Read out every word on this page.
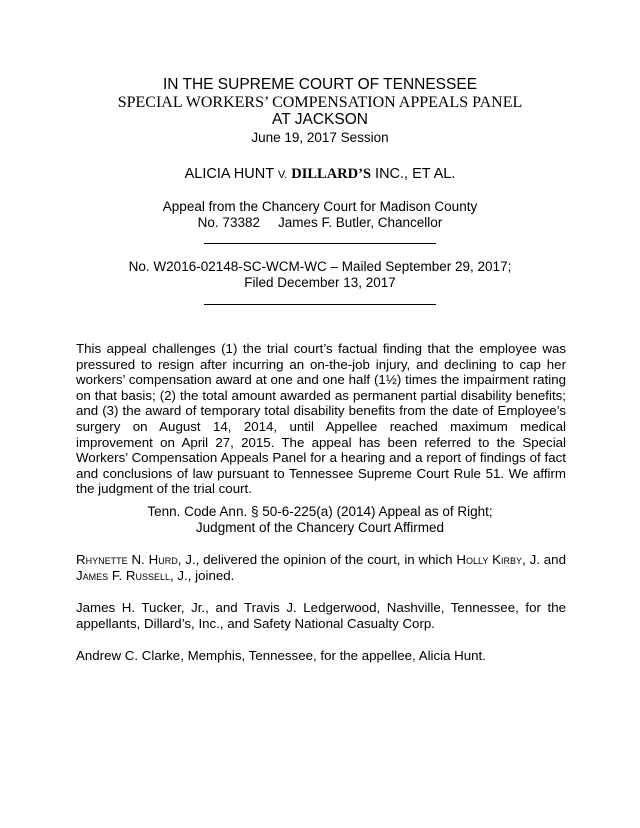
IN THE SUPREME COURT OF TENNESSEE
SPECIAL WORKERS’ COMPENSATION APPEALS PANEL
AT JACKSON
June 19, 2017 Session
ALICIA HUNT V. DILLARD’S INC., ET AL.
Appeal from the Chancery Court for Madison County
No. 73382 James F. Butler, Chancellor
No. W2016-02148-SC-WCM-WC – Mailed September 29, 2017;
Filed December 13, 2017
This appeal challenges (1) the trial court’s factual finding that the employee was pressured to resign after incurring an on-the-job injury, and declining to cap her workers’ compensation award at one and one half (1½) times the impairment rating on that basis; (2) the total amount awarded as permanent partial disability benefits; and (3) the award of temporary total disability benefits from the date of Employee’s surgery on August 14, 2014, until Appellee reached maximum medical improvement on April 27, 2015. The appeal has been referred to the Special Workers’ Compensation Appeals Panel for a hearing and a report of findings of fact and conclusions of law pursuant to Tennessee Supreme Court Rule 51. We affirm the judgment of the trial court.
Tenn. Code Ann. § 50-6-225(a) (2014) Appeal as of Right;
Judgment of the Chancery Court Affirmed
Rhynette N. Hurd, J., delivered the opinion of the court, in which Holly Kirby, J. and James F. Russell, J., joined.
James H. Tucker, Jr., and Travis J. Ledgerwood, Nashville, Tennessee, for the appellants, Dillard’s, Inc., and Safety National Casualty Corp.
Andrew C. Clarke, Memphis, Tennessee, for the appellee, Alicia Hunt.
